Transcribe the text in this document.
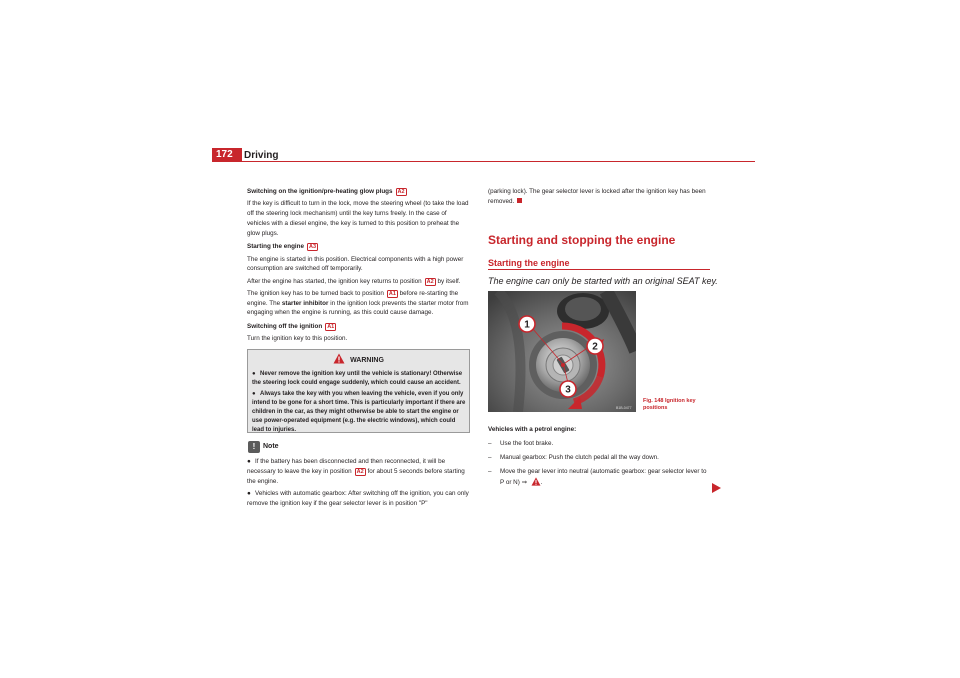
172	Driving

Switching on the ignition/pre-heating glow plugs A2

If the key is difficult to turn in the lock, move the steering wheel (to take the load off the steering lock mechanism) until the key turns freely. In the case of vehicles with a diesel engine, the key is turned to this position to preheat the glow plugs.

Starting the engine A3

The engine is started in this position. Electrical components with a high power consumption are switched off temporarily.

After the engine has started, the ignition key returns to position A2 by itself.

The ignition key has to be turned back to position A1 before re-starting the engine. The starter inhibitor in the ignition lock prevents the starter motor from engaging when the engine is running, as this could cause damage.

Switching off the ignition A1

Turn the ignition key to this position.

WARNING
● Never remove the ignition key until the vehicle is stationary! Otherwise the steering lock could engage suddenly, which could cause an accident.
● Always take the key with you when leaving the vehicle, even if you only intend to be gone for a short time. This is particularly important if there are children in the car, as they might otherwise be able to start the engine or use power-operated equipment (e.g. the electric windows), which could lead to injuries.
! Note

● If the battery has been disconnected and then reconnected, it will be necessary to leave the key in position A2 for about 5 seconds before starting the engine.

● Vehicles with automatic gearbox: After switching off the ignition, you can only remove the ignition key if the gear selector lever is in position "P"

(parking lock). The gear selector lever is locked after the ignition key has been removed.
Starting and stopping the engine
Starting the engine
The engine can only be started with an original SEAT key.
1
2
3
B1B-0477
Fig. 148 Ignition key
positions
Vehicles with a petrol engine:
–	Use the foot brake.
–	Manual gearbox: Push the clutch pedal all the way down.
–	Move the gear lever into neutral (automatic gearbox: gear selector lever to P or N) ⇒ .
